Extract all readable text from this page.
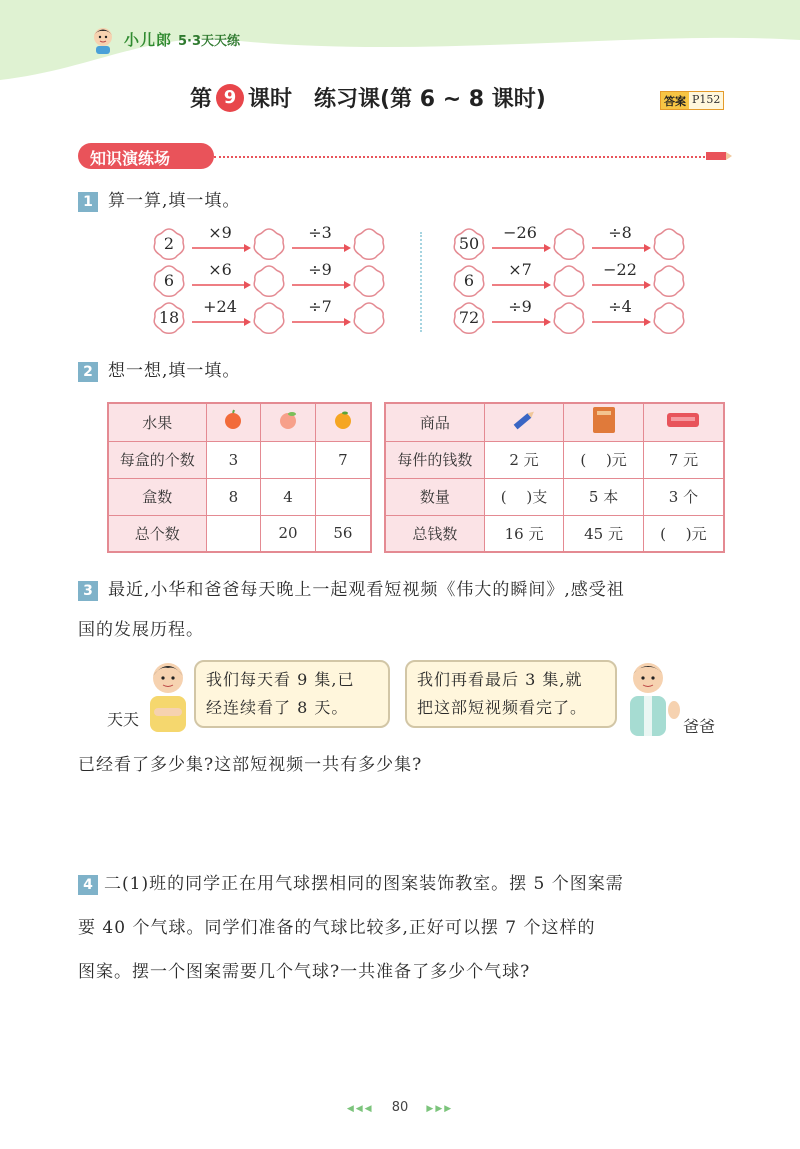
小儿郎 5·3天天练
第 9 课时 练习课(第 6 ~ 8 课时)	答案 P152
知识演练场
1 算一算,填一填。
2
×9	÷3
6
×6	÷9
18
+24	÷7
50
−26	÷8
6
×7	−22
72
÷9	÷4
2 想一想,填一填。
水果			
每盒的个数	3		7
盒数	8	4	
总个数		20	56
商品			
每件的钱数	2 元	(　 )元	7 元
数量	(　 )支	5 本	3 个
总钱数	16 元	45 元	(　 )元
3 最近,小华和爸爸每天晚上一起观看短视频《伟大的瞬间》,感受祖
国的发展历程。
天天
我们每天看 9 集,已
经连续看了 8 天。
我们再看最后 3 集,就
把这部短视频看完了。
爸爸
已经看了多少集?这部短视频一共有多少集?
4 二(1)班的同学正在用气球摆相同的图案装饰教室。摆 5 个图案需
要 40 个气球。同学们准备的气球比较多,正好可以摆 7 个这样的
图案。摆一个图案需要几个气球?一共准备了多少个气球?
◀◀◀ 80 ▶▶▶
